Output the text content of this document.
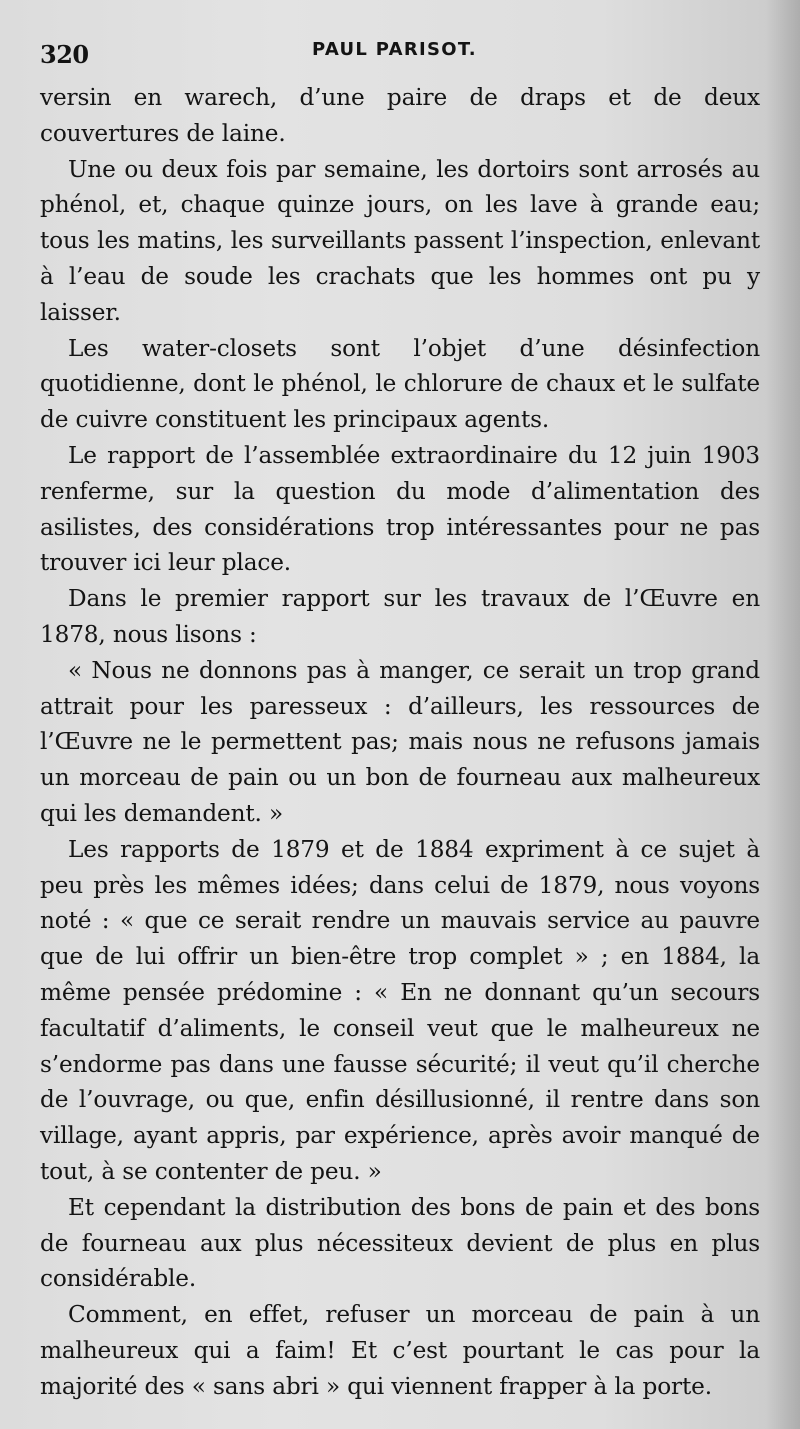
320	PAUL PARISOT.

versin en warech, d’une paire de draps et de deux couvertures de laine.

Une ou deux fois par semaine, les dortoirs sont arrosés au phénol, et, chaque quinze jours, on les lave à grande eau; tous les matins, les surveillants passent l’inspection, enlevant à l’eau de soude les crachats que les hommes ont pu y laisser.

Les water-closets sont l’objet d’une désinfection quotidienne, dont le phénol, le chlorure de chaux et le sulfate de cuivre constituent les principaux agents.

Le rapport de l’assemblée extraordinaire du 12 juin 1903 renferme, sur la question du mode d’alimentation des asilistes, des considérations trop intéressantes pour ne pas trouver ici leur place.

Dans le premier rapport sur les travaux de l’Œuvre en 1878, nous lisons :

« Nous ne donnons pas à manger, ce serait un trop grand attrait pour les paresseux : d’ailleurs, les ressources de l’Œuvre ne le permettent pas; mais nous ne refusons jamais un morceau de pain ou un bon de fourneau aux malheureux qui les demandent. »

Les rapports de 1879 et de 1884 expriment à ce sujet à peu près les mêmes idées; dans celui de 1879, nous voyons noté : « que ce serait rendre un mauvais service au pauvre que de lui offrir un bien-être trop complet » ; en 1884, la même pensée prédomine : « En ne donnant qu’un secours facultatif d’aliments, le conseil veut que le malheureux ne s’endorme pas dans une fausse sécurité; il veut qu’il cherche de l’ouvrage, ou que, enfin désillusionné, il rentre dans son village, ayant appris, par expérience, après avoir manqué de tout, à se contenter de peu. »

Et cependant la distribution des bons de pain et des bons de fourneau aux plus nécessiteux devient de plus en plus considérable.

Comment, en effet, refuser un morceau de pain à un malheureux qui a faim! Et c’est pourtant le cas pour la majorité des « sans abri » qui viennent frapper à la porte.
